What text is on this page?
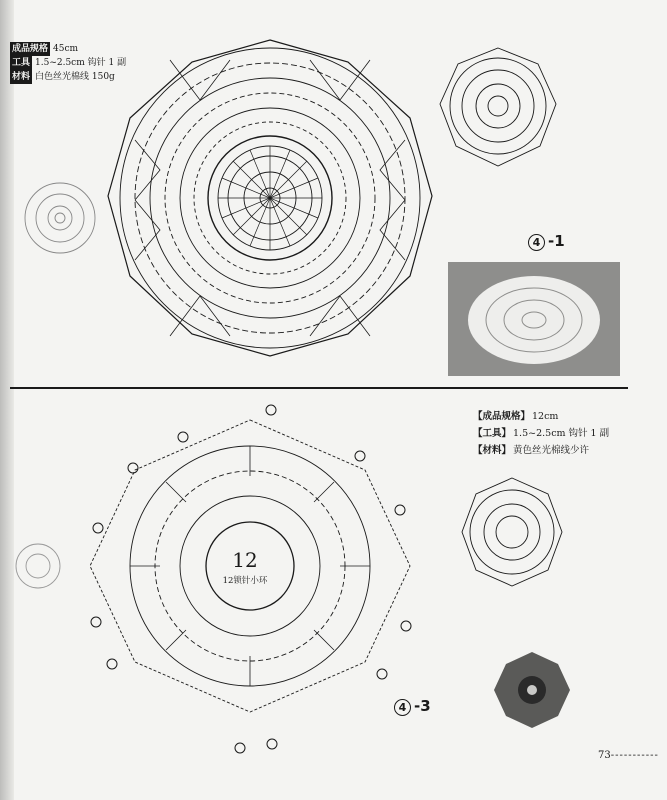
成品规格 45cm
工具 1.5~2.5cm 钩针 1 副
材料 白色丝光棉线 150g
4 -1
【成品规格】 12cm
【工具】 1.5~2.5cm 钩针 1 副
【材料】 黄色丝光棉线少许
12
12锁针小环
4 -3
73-----------
